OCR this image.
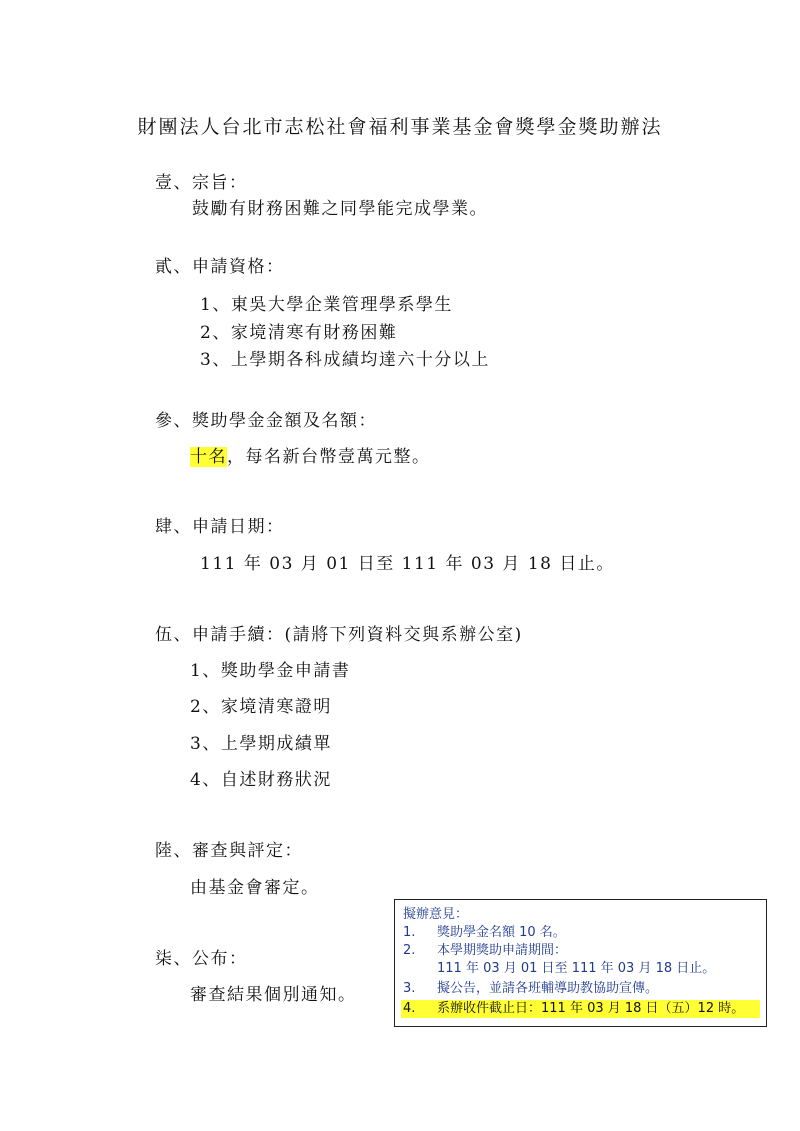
財團法人台北市志松社會福利事業基金會獎學金獎助辦法
壹、宗旨：
鼓勵有財務困難之同學能完成學業。
貳、申請資格：
1、東吳大學企業管理學系學生
2、家境清寒有財務困難
3、上學期各科成績均達六十分以上
參、獎助學金金額及名額：
十名，每名新台幣壹萬元整。
肆、申請日期：
111 年 03 月 01 日至 111 年 03 月 18 日止。
伍、申請手續：(請將下列資料交與系辦公室)
1、獎助學金申請書
2、家境清寒證明
3、上學期成績單
4、自述財務狀況
陸、審查與評定：
由基金會審定。
柒、公布：
審查結果個別通知。
擬辦意見：
1. 獎助學金名額 10 名。
2. 本學期獎助申請期間：
111 年 03 月 01 日至 111 年 03 月 18 日止。
3. 擬公告，並請各班輔導助教協助宣傳。
4. 系辦收件截止日：111 年 03 月 18 日（五）12 時。
